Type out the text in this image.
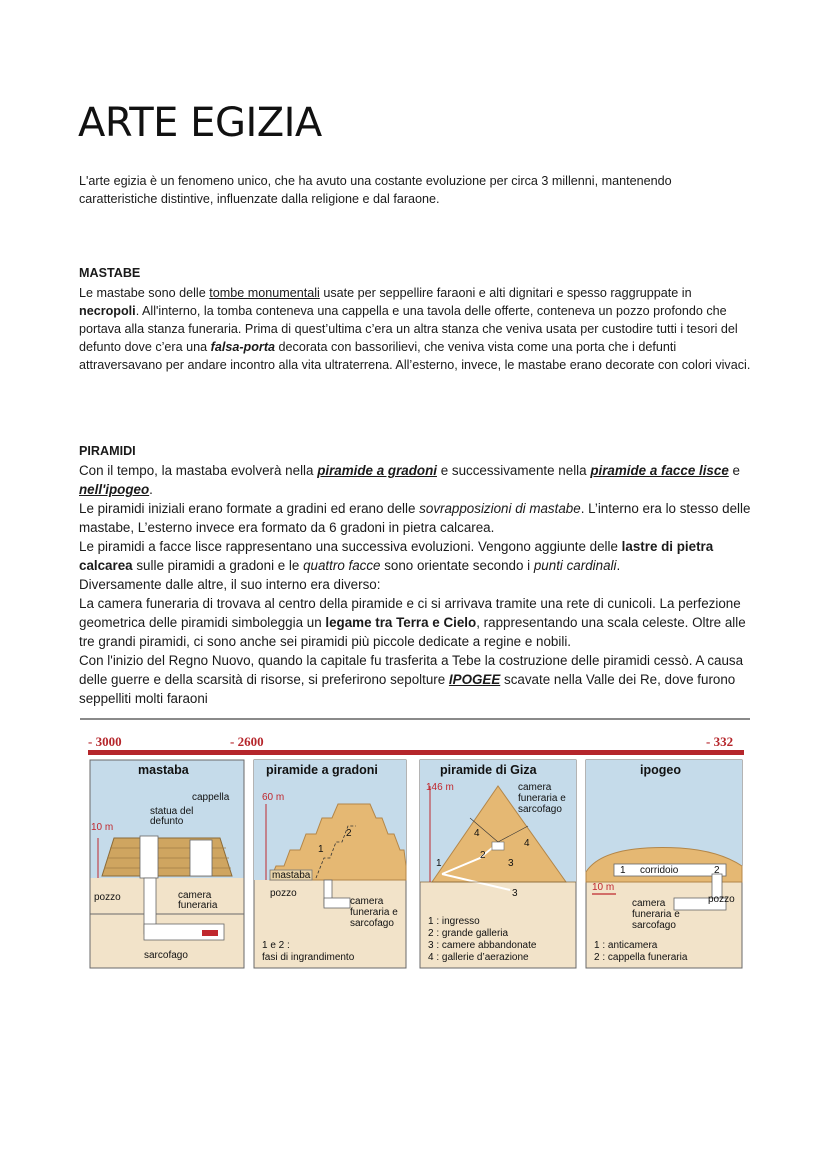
ARTE EGIZIA

L'arte egizia è un fenomeno unico, che ha avuto una costante evoluzione per circa 3 millenni, mantenendo
caratteristiche distintive, influenzate dalla religione e dal faraone.

MASTABE

Le mastabe sono delle tombe monumentali usate per seppellire faraoni e alti dignitari e spesso raggruppate in
necropoli. All'interno, la tomba conteneva una cappella e una tavola delle offerte, conteneva un pozzo profondo che portava alla stanza funeraria. Prima di quest’ultima c’era un altra stanza che veniva usata per custodire tutti i tesori del defunto dove c’era una falsa-porta decorata con bassorilievi, che veniva vista come una porta che i defunti attraversavano per andare incontro alla vita ultraterrena. All’esterno, invece, le mastabe erano decorate con colori vivaci.

PIRAMIDI

Con il tempo, la mastaba evolverà nella piramide a gradoni e successivamente nella piramide a facce lisce e
nell'ipogeo.
Le piramidi iniziali erano formate a gradini ed erano delle sovrapposizioni di mastabe. L’interno era lo stesso delle mastabe, L’esterno invece era formato da 6 gradoni in pietra calcarea.
Le piramidi a facce lisce rappresentano una successiva evoluzioni. Vengono aggiunte delle lastre di pietra calcarea sulle piramidi a gradoni e le quattro facce sono orientate secondo i punti cardinali.
Diversamente dalle altre, il suo interno era diverso:
La camera funeraria di trovava al centro della piramide e ci si arrivava tramite una rete di cunicoli. La perfezione geometrica delle piramidi simboleggia un legame tra Terra e Cielo, rappresentando una scala celeste. Oltre alle tre grandi piramidi, ci sono anche sei piramidi più piccole dedicate a regine e nobili.
Con l'inizio del Regno Nuovo, quando la capitale fu trasferita a Tebe la costruzione delle piramidi cessò. A causa delle guerre e della scarsità di risorse, si preferirono sepolture IPOGEE scavate nella Valle dei Re, dove furono seppelliti molti faraoni

- 3000	- 2600	- 332
mastaba
10 m
cappella
statua del
defunto
pozzo	camera
funeraria
sarcofago
piramide a gradoni
60 m
2
1
mastaba
pozzo
camera
funeraria e
sarcofago
1 e 2 :
fasi di ingrandimento
piramide di Giza
146 m	camera
funeraria e
sarcofago
4
4
2
1	3
3
1 : ingresso
2 : grande galleria
3 : camere abbandonate
4 : gallerie d’aerazione
ipogeo
1 corridoio	2
10 m
camera
funeraria e
sarcofago
pozzo
1 : anticamera
2 : cappella funeraria
